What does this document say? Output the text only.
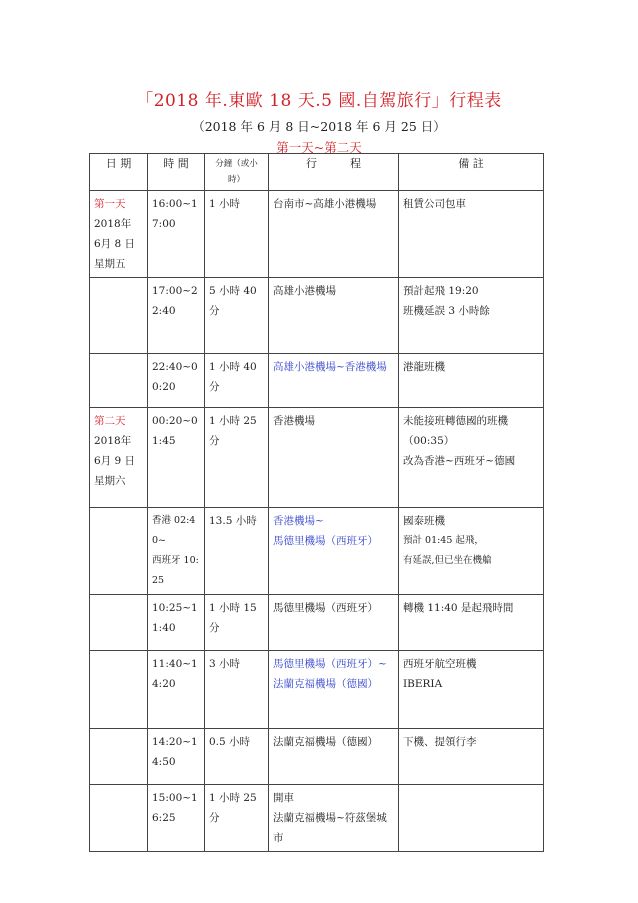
「2018 年.東歐 18 天.5 國.自駕旅行」行程表
（2018 年 6 月 8 日~2018 年 6 月 25 日）
第一天~第二天
日 期	時 間	分鐘（或小時）	行　　　程	備 註

第一天
2018年
6月 8 日
星期五	16:00~17:00	1 小時	台南市~高雄小港機場	租賃公司包車

	17:00~22:40	5 小時 40 分	高雄小港機場	預計起飛 19:20
班機延誤 3 小時餘

	22:40~00:20	1 小時 40 分	高雄小港機場~香港機場	港龍班機

第二天
2018年
6月 9 日
星期六	00:20~01:45	1 小時 25 分	香港機場	未能接班轉德國的班機
（00:35）
改為香港~西班牙~德國

	香港 02:40~
西班牙 10:25	13.5 小時	香港機場~
馬德里機場（西班牙）	國泰班機
預計 01:45 起飛，
有延誤,但已坐在機艙

	10:25~11:40	1 小時 15 分	馬德里機場（西班牙）	轉機 11:40 是起飛時間

	11:40~14:20	3 小時	馬德里機場（西班牙）~
法蘭克福機場（德國）	西班牙航空班機
IBERIA

	14:20~14:50	0.5 小時	法蘭克福機場（德國）	下機、提領行李

	15:00~16:25	1 小時 25 分	開車
法蘭克福機場~符茲堡城市	
